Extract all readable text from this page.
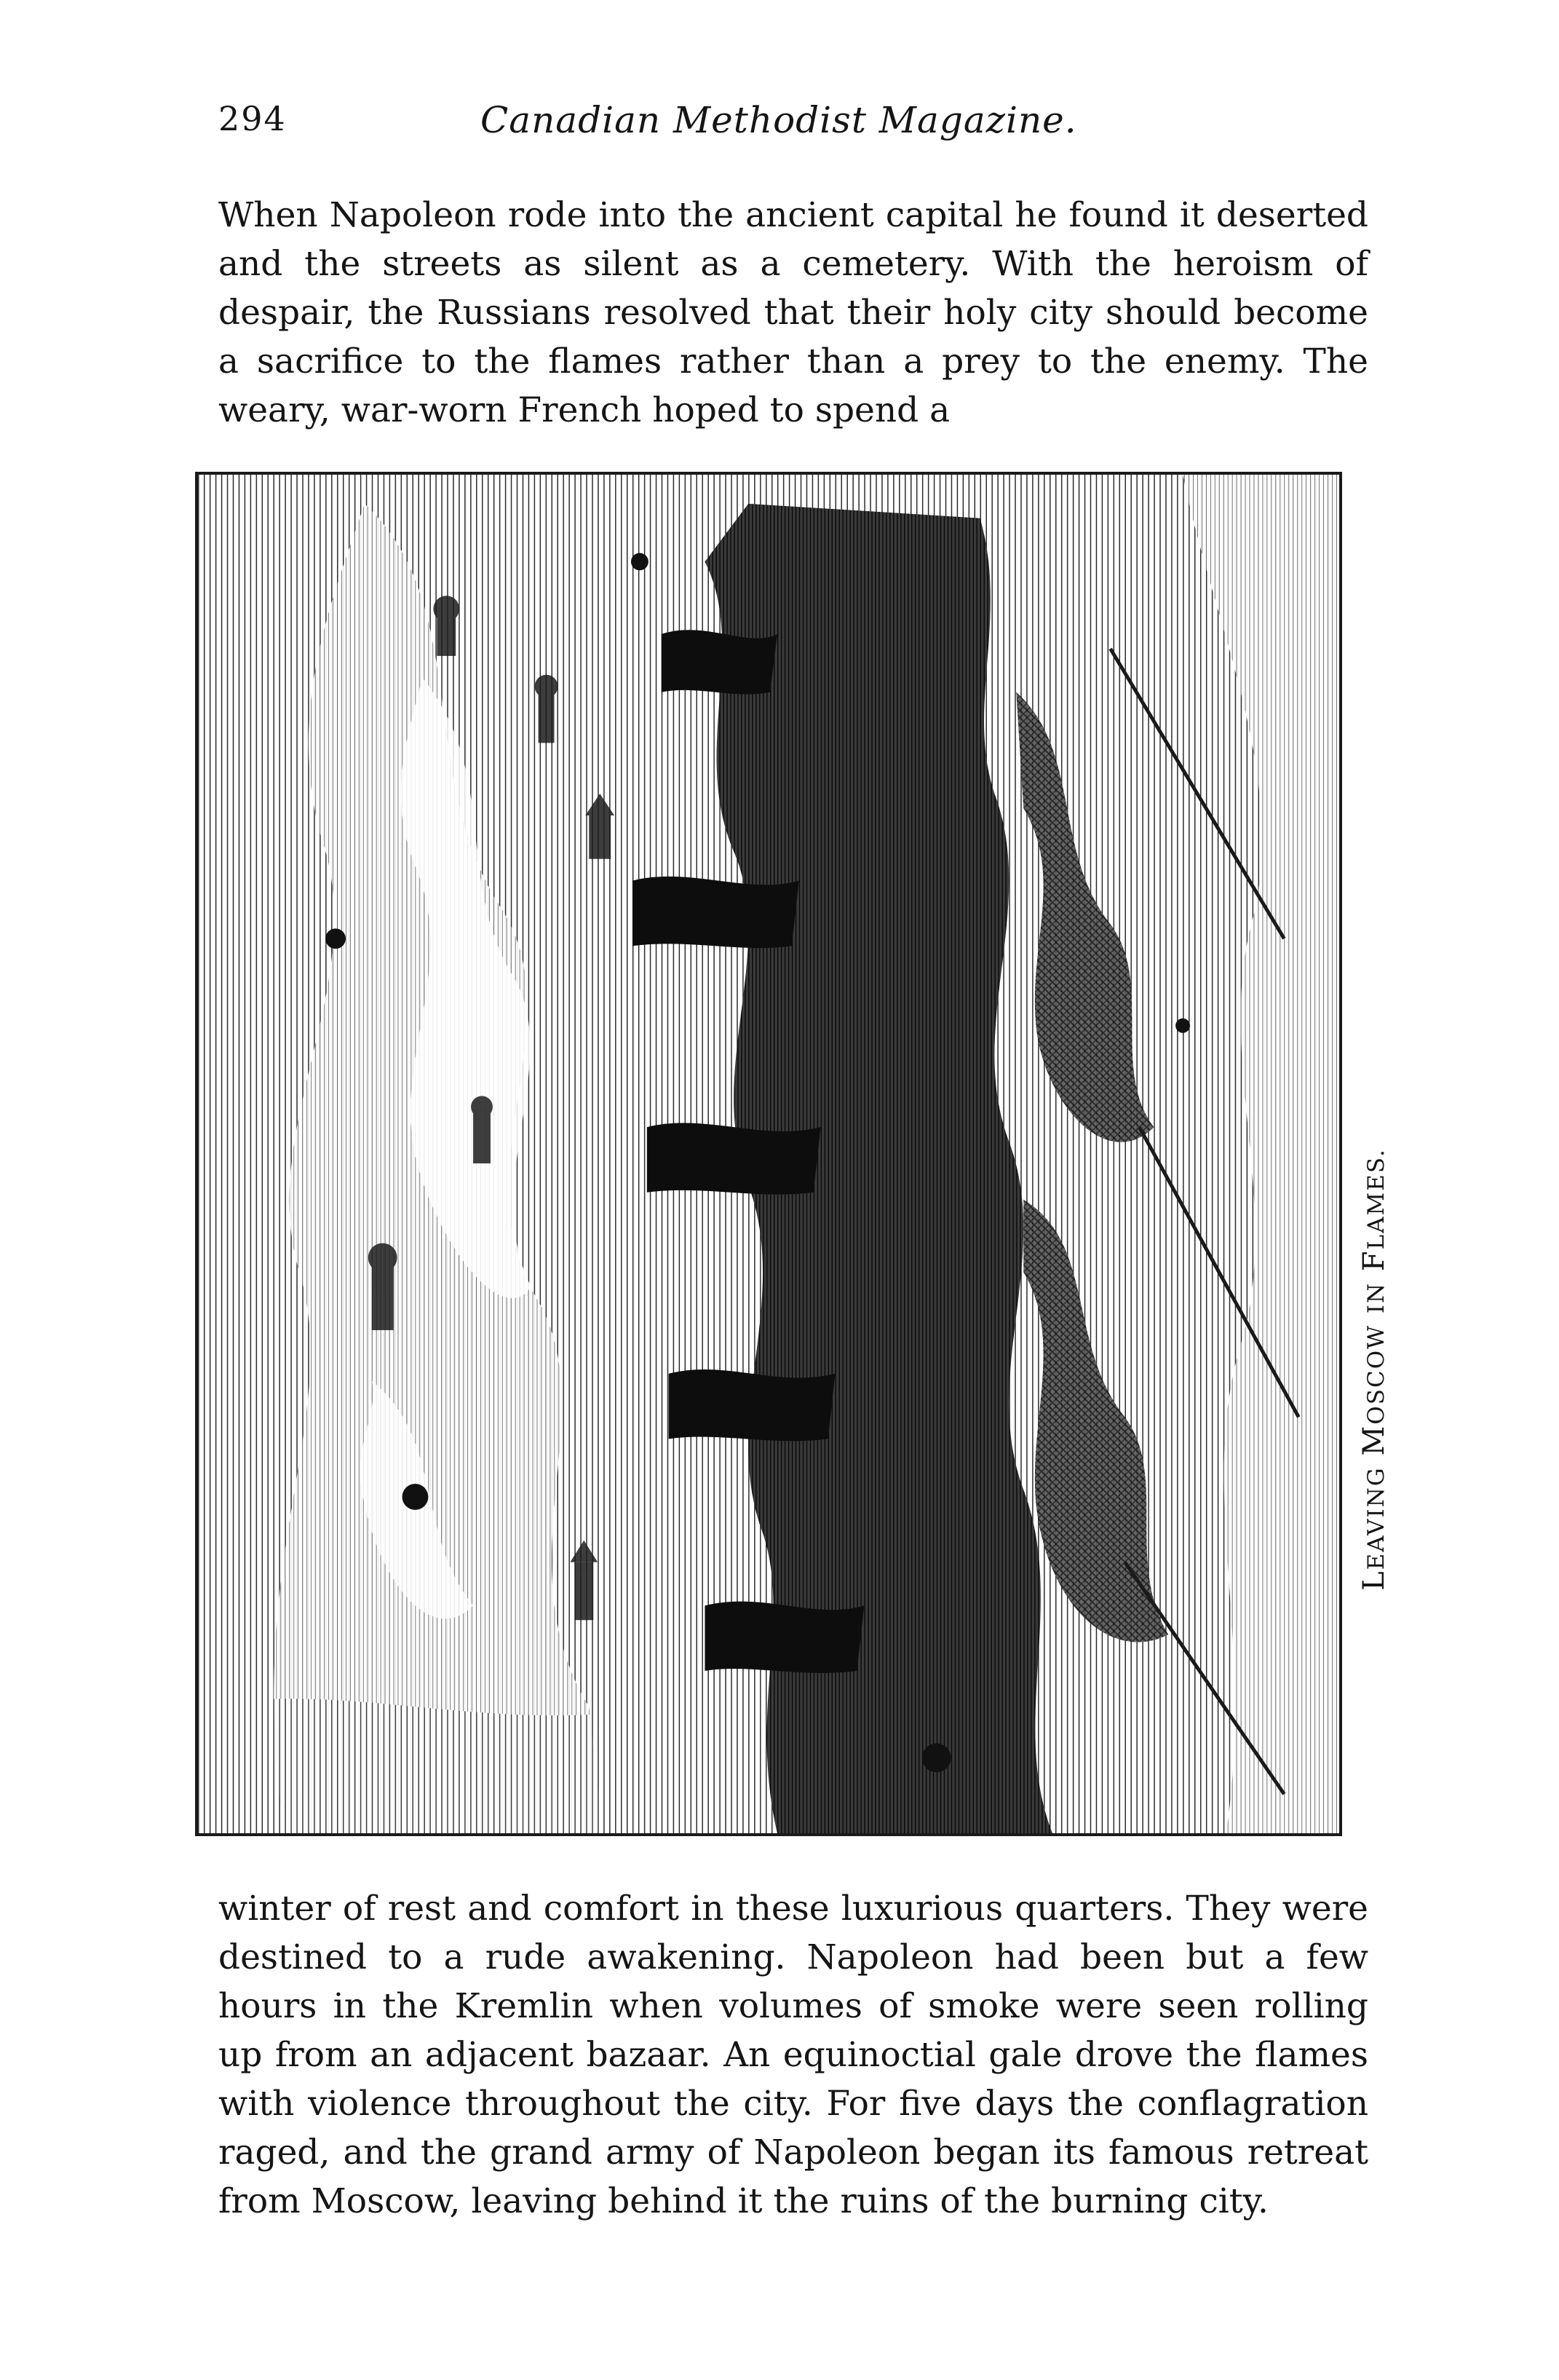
294	Canadian Methodist Magazine.

When Napoleon rode into the ancient capital he found it deserted and the streets as silent as a cemetery. With the heroism of despair, the Russians resolved that their holy city should become a sacrifice to the flames rather than a prey to the enemy. The weary, war-worn French hoped to spend a

LEAVING MOSCOW IN FLAMES.

winter of rest and comfort in these luxurious quarters. They were destined to a rude awakening. Napoleon had been but a few hours in the Kremlin when volumes of smoke were seen rolling up from an adjacent bazaar. An equinoctial gale drove the flames with violence throughout the city. For five days the conflagration raged, and the grand army of Napoleon began its famous retreat from Moscow, leaving behind it the ruins of the burning city.
